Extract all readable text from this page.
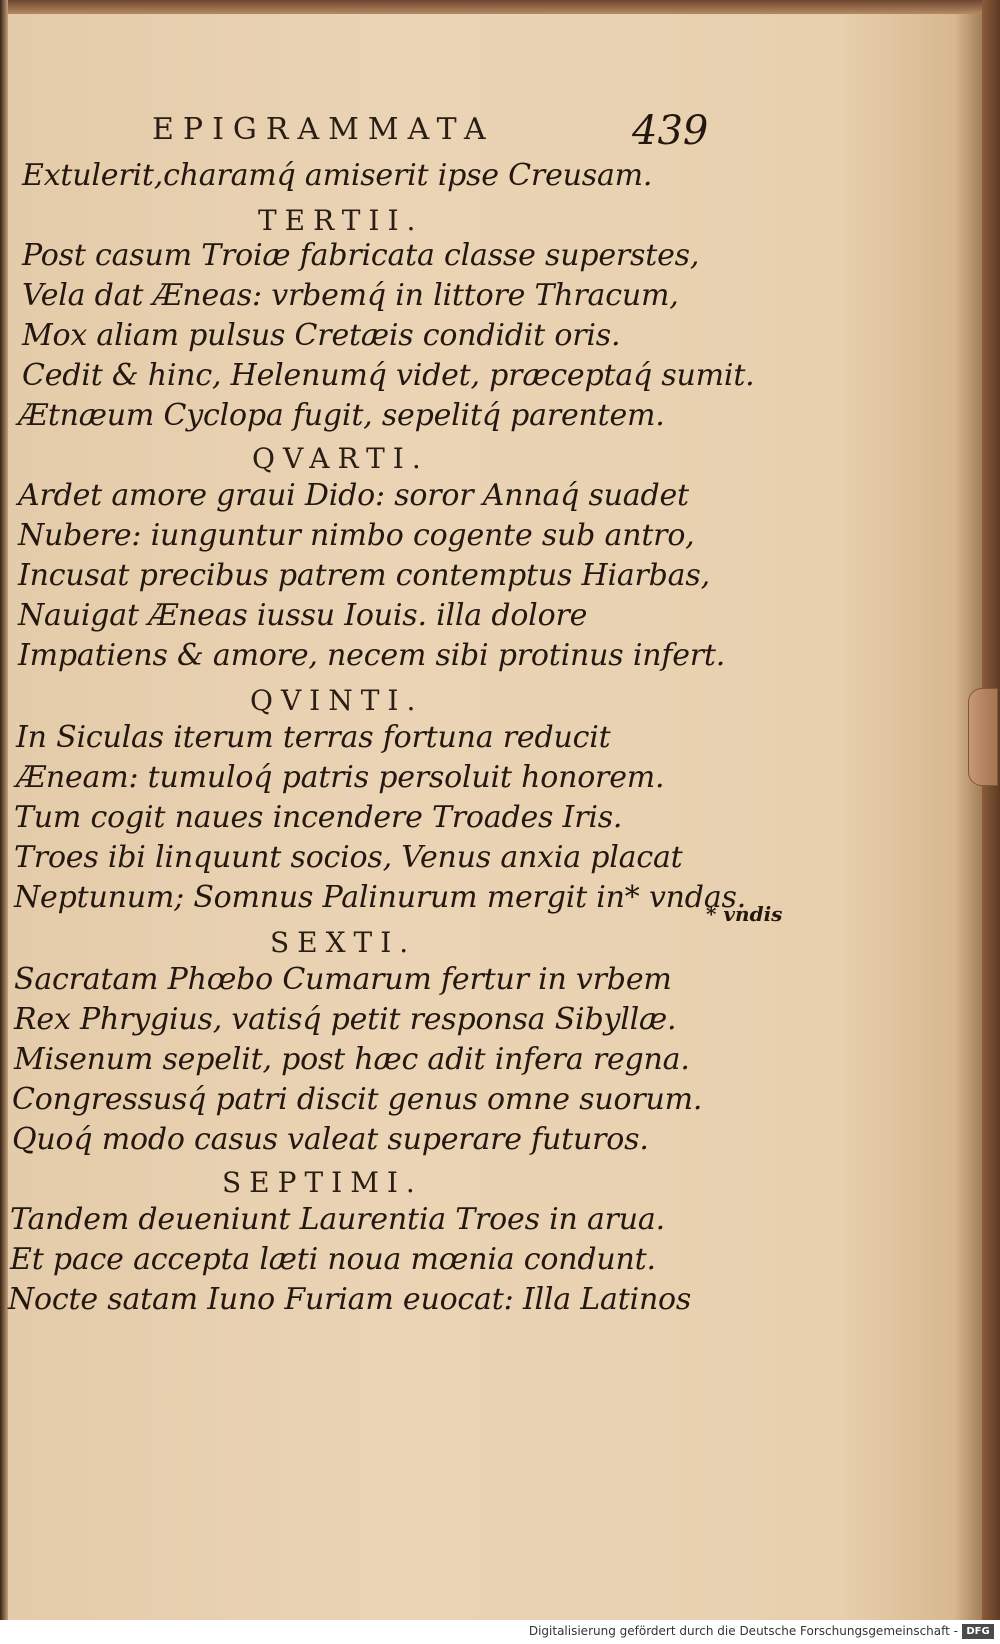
EPIGRAMMATA	439
Extulerit,charamq́ amiserit ipse Creusam.
TERTII.
Post casum Troiæ fabricata classe superstes,
Vela dat Æneas: vrbemq́ in littore Thracum,
Mox aliam pulsus Cretæis condidit oris.
Cedit & hinc, Helenumq́ videt, præceptaq́ sumit.
Ætnæum Cyclopa fugit, sepelitq́ parentem.
QVARTI.
Ardet amore graui Dido: soror Annaq́ suadet
Nubere: iunguntur nimbo cogente sub antro,
Incusat precibus patrem contemptus Hiarbas,
Nauigat Æneas iussu Iouis. illa dolore
Impatiens & amore, necem sibi protinus infert.
QVINTI.
In Siculas iterum terras fortuna reducit
Æneam: tumuloq́ patris persoluit honorem.
Tum cogit naues incendere Troades Iris.
Troes ibi linquunt socios, Venus anxia placat
Neptunum; Somnus Palinurum mergit in* vndas.
* vndis
SEXTI.
Sacratam Phœbo Cumarum fertur in vrbem
Rex Phrygius, vatisq́ petit responsa Sibyllæ.
Misenum sepelit, post hæc adit infera regna.
Congressusq́ patri discit genus omne suorum.
Quoq́ modo casus valeat superare futuros.
SEPTIMI.
Tandem deueniunt Laurentia Troes in arua.
Et pace accepta læti noua mœnia condunt.
Nocte satam Iuno Furiam euocat: Illa Latinos
Digitalisierung gefördert durch die Deutsche Forschungsgemeinschaft - DFG
